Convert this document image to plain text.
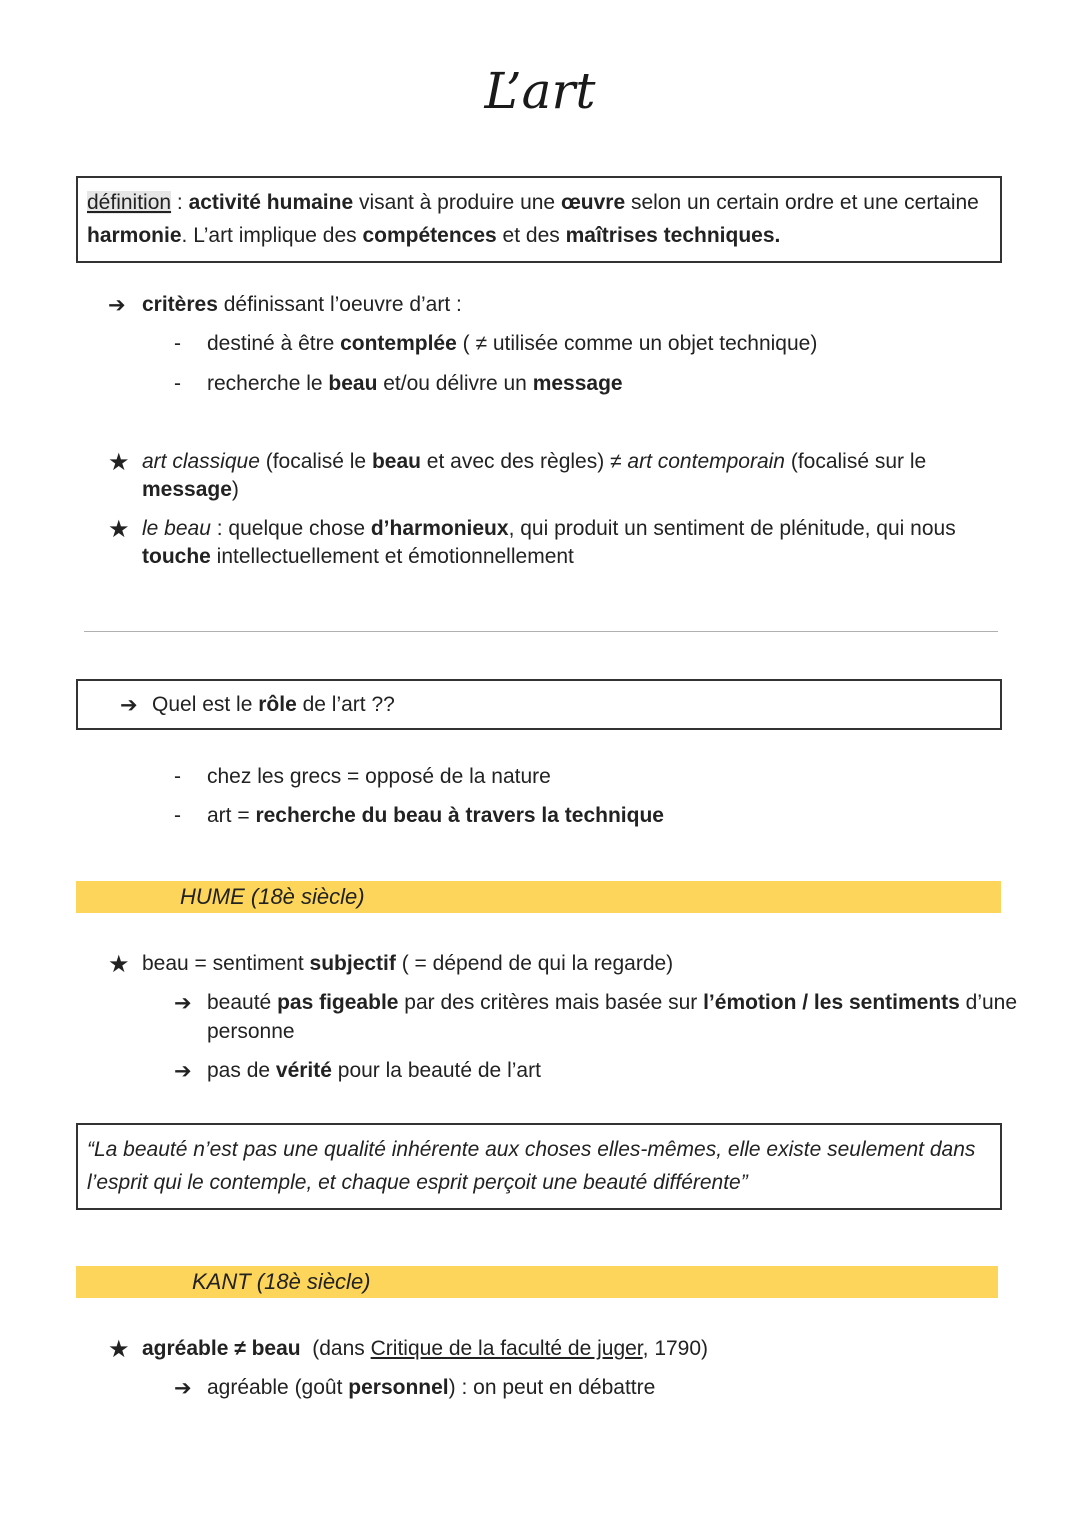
L’art
définition : activité humaine visant à produire une œuvre selon un certain ordre et une certaine
harmonie. L’art implique des compétences et des maîtrises techniques.
➔ critères définissant l’oeuvre d’art :
- destiné à être contemplée ( ≠ utilisée comme un objet technique)
- recherche le beau et/ou délivre un message
★ art classique (focalisé le beau et avec des règles) ≠ art contemporain (focalisé sur le
message)
★ le beau : quelque chose d’harmonieux, qui produit un sentiment de plénitude, qui nous
touche intellectuellement et émotionnellement
➔ Quel est le rôle de l’art ??
- chez les grecs = opposé de la nature
- art = recherche du beau à travers la technique
HUME (18è siècle)
★ beau = sentiment subjectif ( = dépend de qui la regarde)
➔ beauté pas figeable par des critères mais basée sur l’émotion / les sentiments d’une
personne
➔ pas de vérité pour la beauté de l’art
“La beauté n’est pas une qualité inhérente aux choses elles-mêmes, elle existe seulement dans
l’esprit qui le contemple, et chaque esprit perçoit une beauté différente”
KANT (18è siècle)
★ agréable ≠ beau  (dans Critique de la faculté de juger, 1790)
➔ agréable (goût personnel) : on peut en débattre
